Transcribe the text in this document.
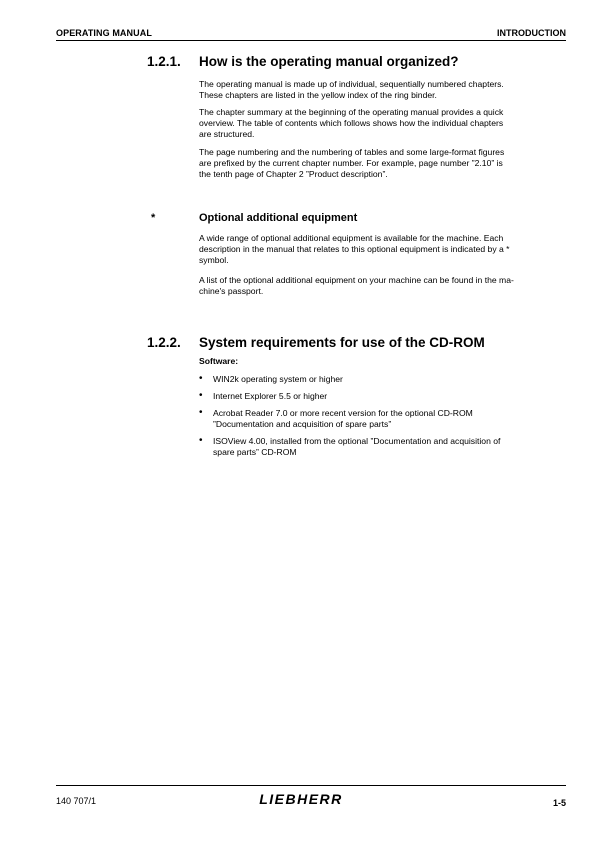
OPERATING MANUAL	INTRODUCTION
1.2.1. How is the operating manual organized?
The operating manual is made up of individual, sequentially numbered chapters.
These chapters are listed in the yellow index of the ring binder.
The chapter summary at the beginning of the operating manual provides a quick
overview. The table of contents which follows shows how the individual chapters
are structured.
The page numbering and the numbering of tables and some large-format figures
are prefixed by the current chapter number. For example, page number ”2.10” is
the tenth page of Chapter 2 ”Product description”.
*	Optional additional equipment
A wide range of optional additional equipment is available for the machine. Each
description in the manual that relates to this optional equipment is indicated by a *
symbol.
A list of the optional additional equipment on your machine can be found in the ma-
chine's passport.
1.2.2. System requirements for use of the CD-ROM
Software:
• WIN2k operating system or higher
• Internet Explorer 5.5 or higher
• Acrobat Reader 7.0 or more recent version for the optional CD-ROM
”Documentation and acquisition of spare parts”
• ISOView 4.00, installed from the optional ”Documentation and acquisition of
spare parts” CD-ROM
140 707/1	LIEBHERR	1-5
